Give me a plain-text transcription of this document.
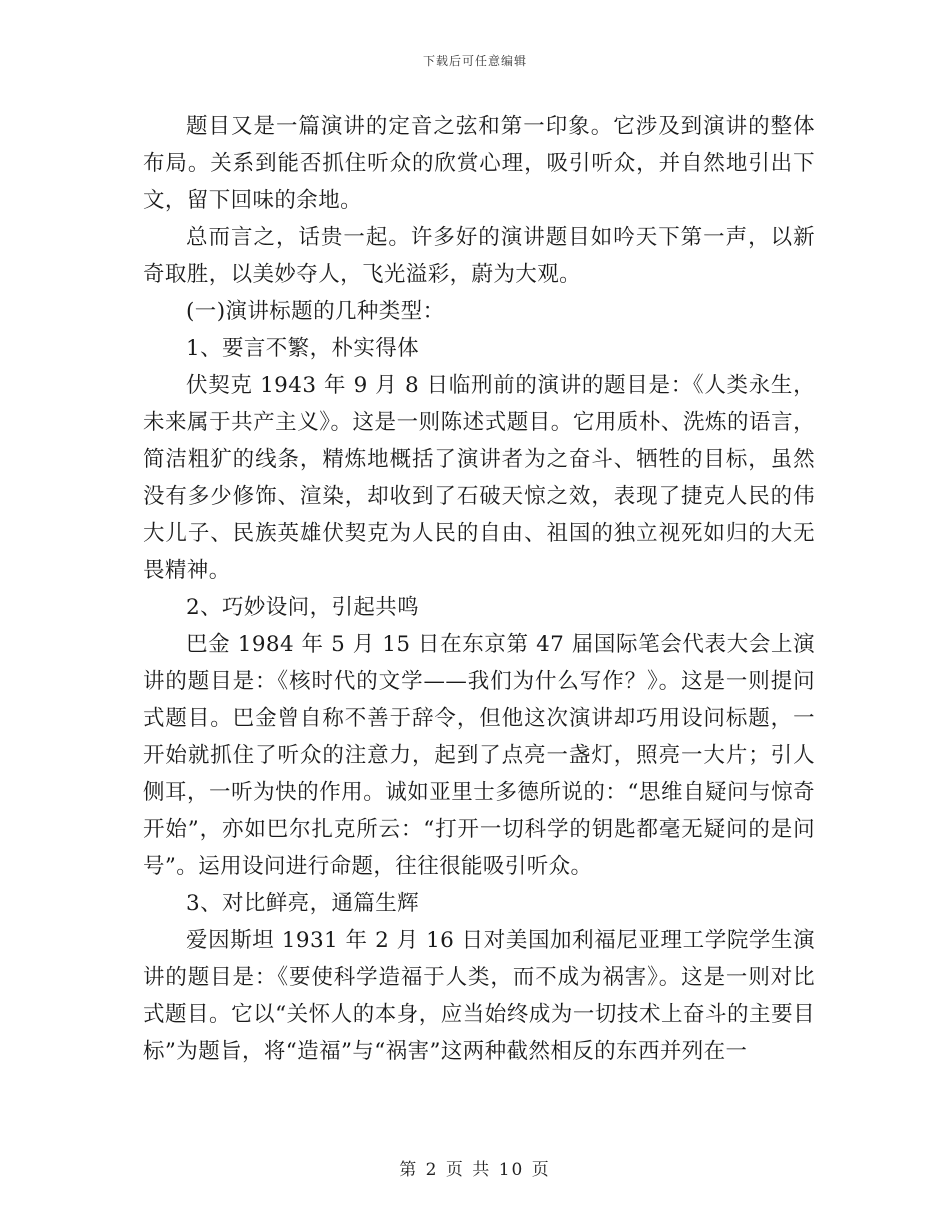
下载后可任意编辑

题目又是一篇演讲的定音之弦和第一印象。它涉及到演讲的整体布局。关系到能否抓住听众的欣赏心理，吸引听众，并自然地引出下文，留下回味的余地。

总而言之，话贵一起。许多好的演讲题目如吟天下第一声，以新奇取胜，以美妙夺人，飞光溢彩，蔚为大观。

(一)演讲标题的几种类型：

1、要言不繁，朴实得体

伏契克 1943 年 9 月 8 日临刑前的演讲的题目是：《人类永生，未来属于共产主义》。这是一则陈述式题目。它用质朴、洗炼的语言，简洁粗犷的线条，精炼地概括了演讲者为之奋斗、牺牲的目标，虽然没有多少修饰、渲染，却收到了石破天惊之效，表现了捷克人民的伟大儿子、民族英雄伏契克为人民的自由、祖国的独立视死如归的大无畏精神。

2、巧妙设问，引起共鸣

巴金 1984 年 5 月 15 日在东京第 47 届国际笔会代表大会上演讲的题目是：《核时代的文学——我们为什么写作？》。这是一则提问式题目。巴金曾自称不善于辞令，但他这次演讲却巧用设问标题，一开始就抓住了听众的注意力，起到了点亮一盏灯，照亮一大片；引人侧耳，一听为快的作用。诚如亚里士多德所说的：“思维自疑问与惊奇开始”，亦如巴尔扎克所云：“打开一切科学的钥匙都毫无疑问的是问号”。运用设问进行命题，往往很能吸引听众。

3、对比鲜亮，通篇生辉

爱因斯坦 1931 年 2 月 16 日对美国加利福尼亚理工学院学生演讲的题目是：《要使科学造福于人类，而不成为祸害》。这是一则对比式题目。它以“关怀人的本身，应当始终成为一切技术上奋斗的主要目标”为题旨，将“造福”与“祸害”这两种截然相反的东西并列在一

第 2 页 共 10 页
